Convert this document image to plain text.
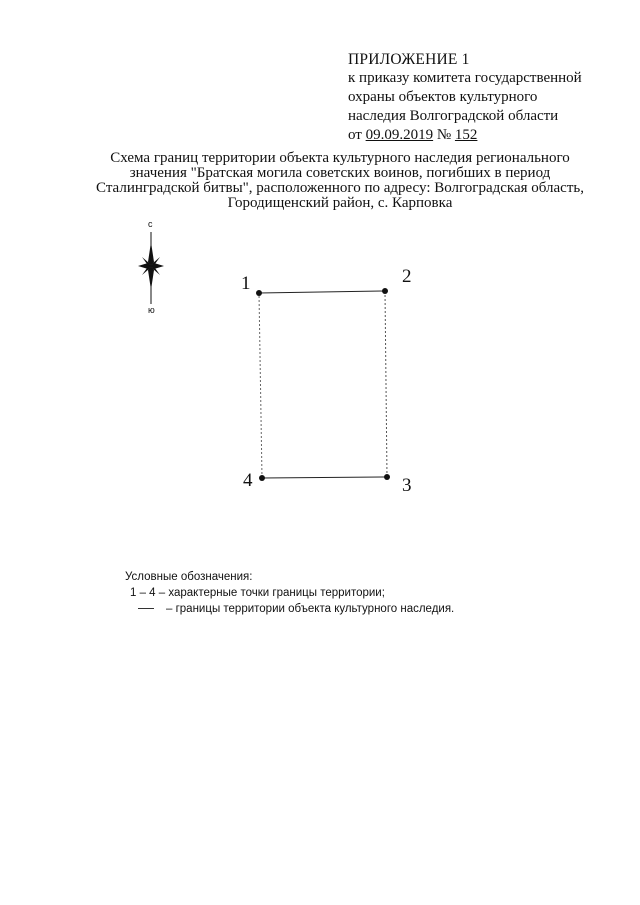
ПРИЛОЖЕНИЕ 1
к приказу комитета государственной
охраны объектов культурного
наследия Волгоградской области
от 09.09.2019 № 152
Схема границ территории объекта культурного наследия регионального
значения "Братская могила советских воинов, погибших в период
Сталинградской битвы", расположенного по адресу: Волгоградская область,
Городищенский район, с. Карповка
с
ю
1	2
3
4
Условные обозначения:
1 – 4 – характерные точки границы территории;
– границы территории объекта культурного наследия.
